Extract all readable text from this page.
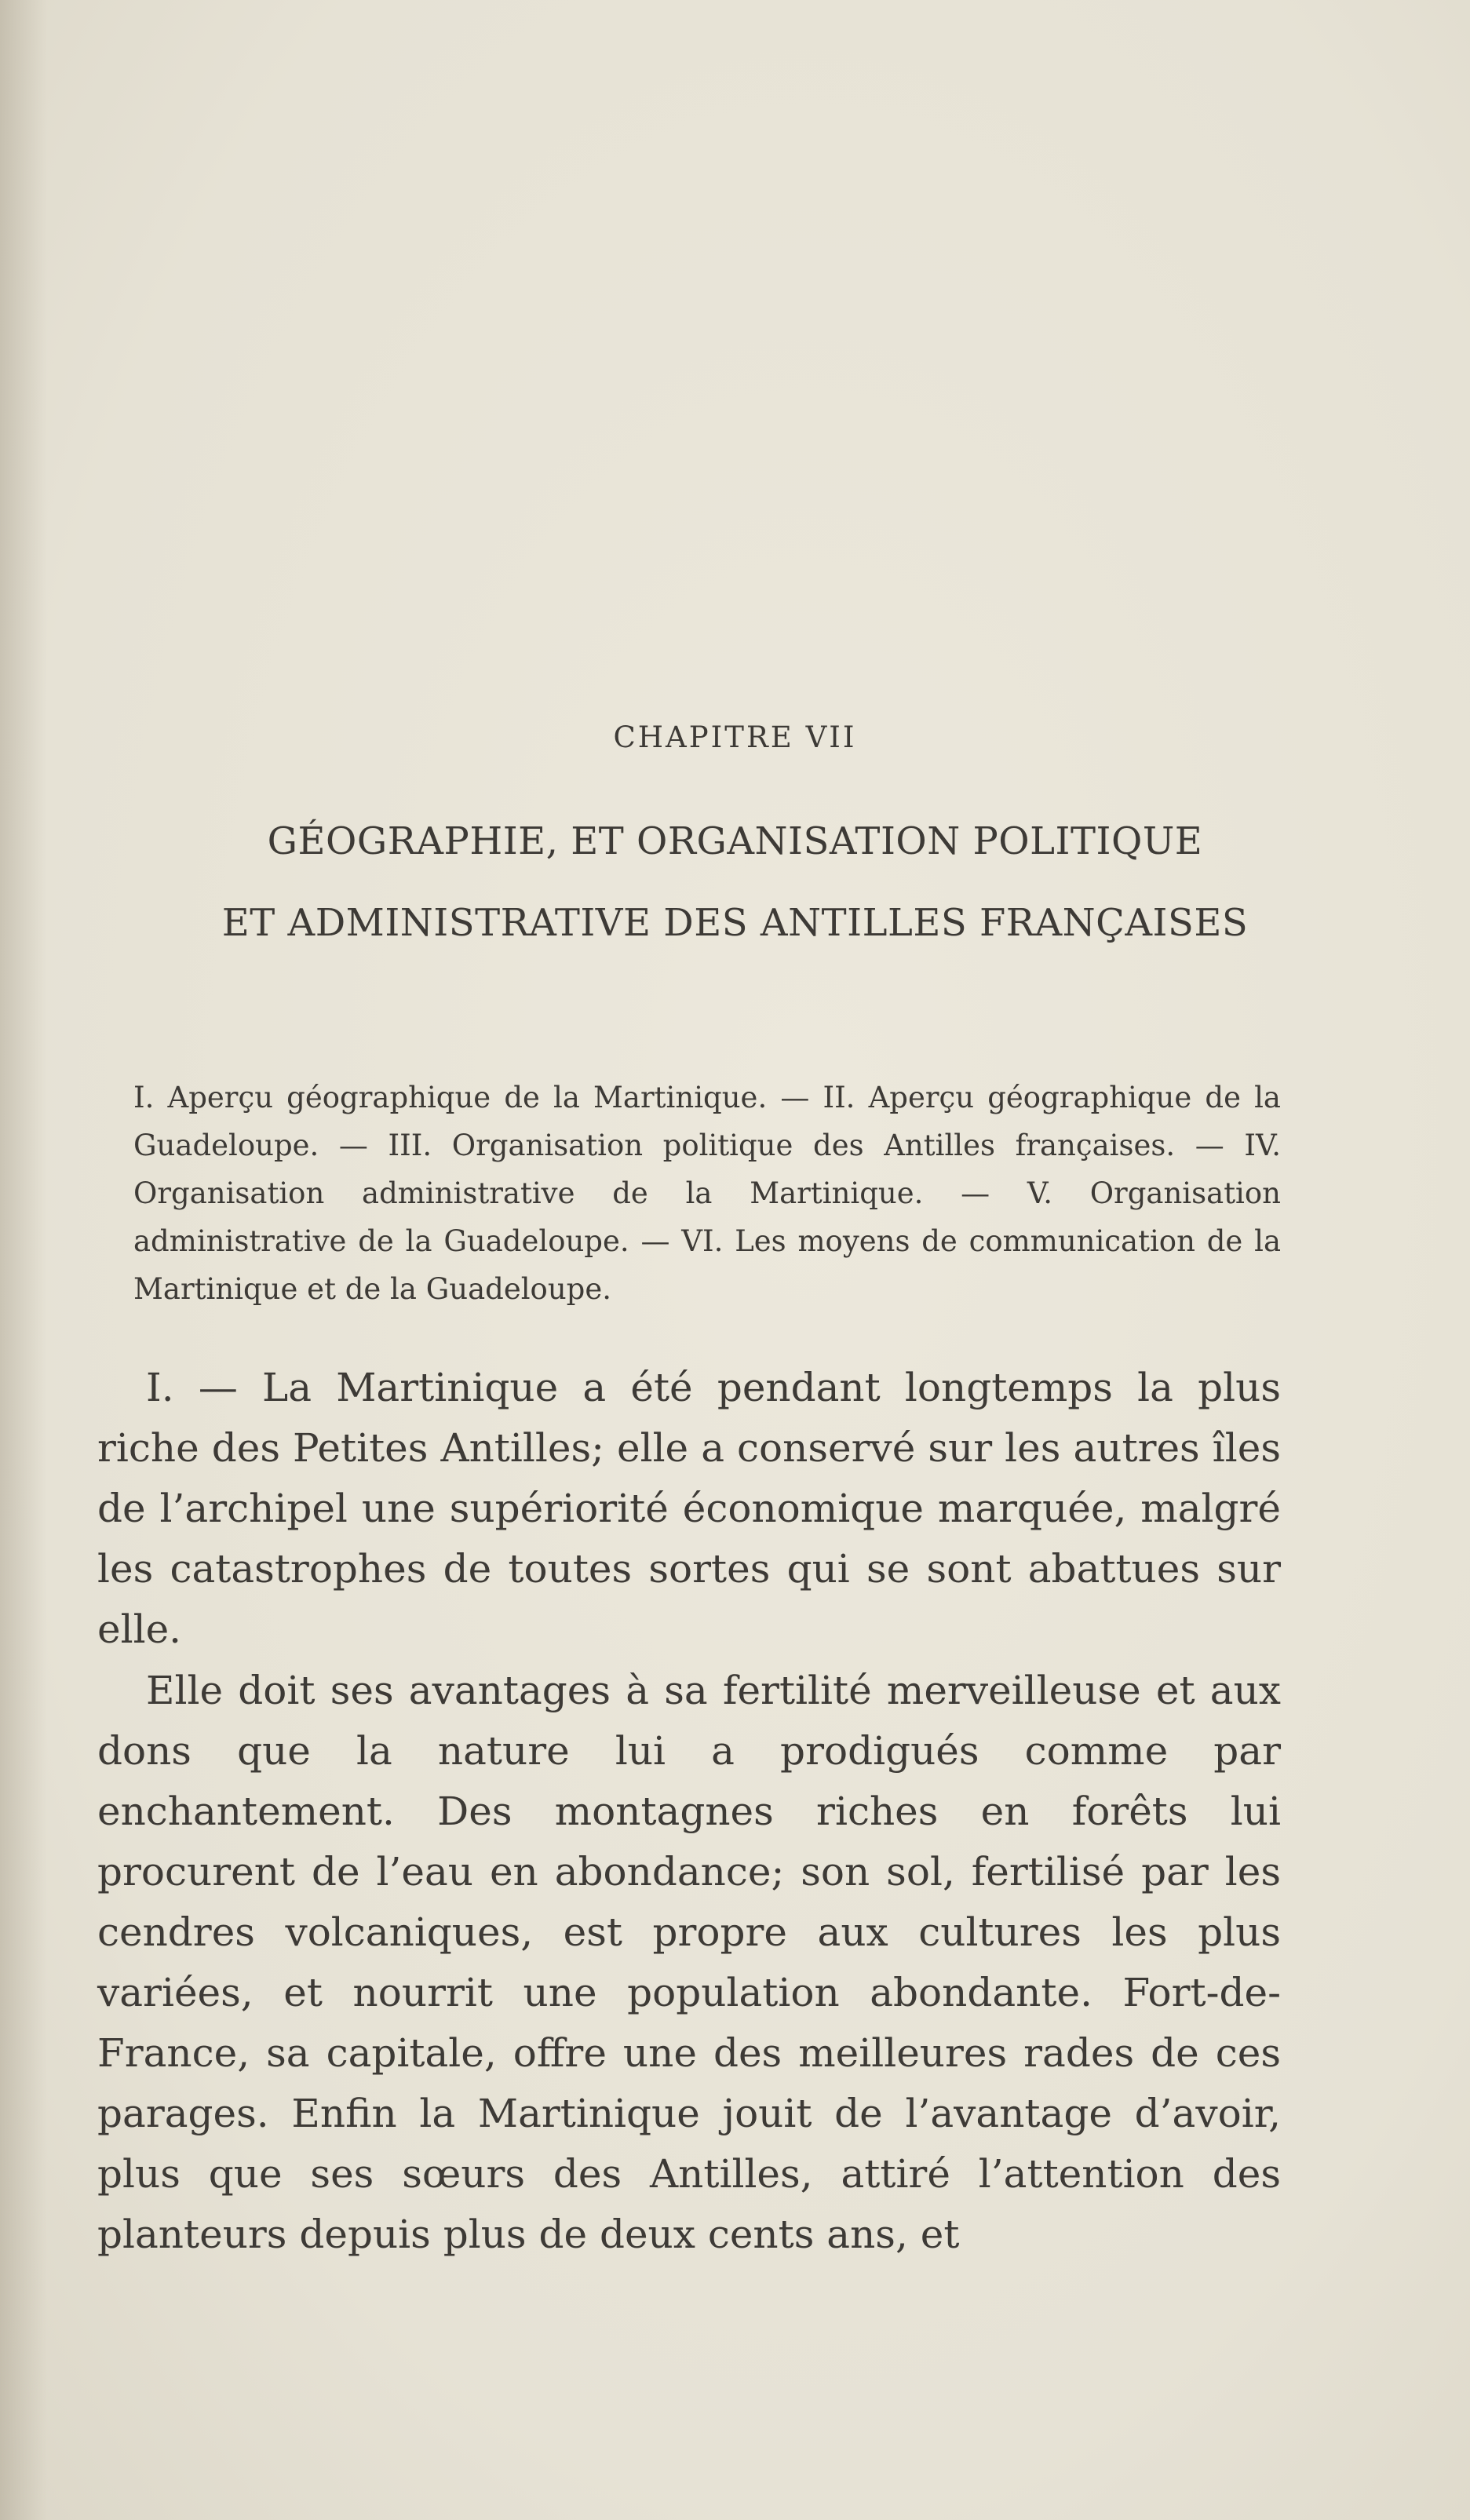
CHAPITRE VII
GÉOGRAPHIE, ET ORGANISATION POLITIQUE
ET ADMINISTRATIVE DES ANTILLES FRANÇAISES

I. Aperçu géographique de la Martinique. — II. Aperçu géographique de la Guadeloupe. — III. Organisation politique des Antilles françaises. — IV. Organisation administrative de la Martinique. — V. Organisation administrative de la Guadeloupe. — VI. Les moyens de communication de la Martinique et de la Guadeloupe.

I. — La Martinique a été pendant longtemps la plus riche des Petites Antilles; elle a conservé sur les autres îles de l’archipel une supériorité économique marquée, malgré les catastrophes de toutes sortes qui se sont abattues sur elle.

Elle doit ses avantages à sa fertilité merveilleuse et aux dons que la nature lui a prodigués comme par enchantement. Des montagnes riches en forêts lui procurent de l’eau en abondance; son sol, fertilisé par les cendres volcaniques, est propre aux cultures les plus variées, et nourrit une population abondante. Fort-de-France, sa capitale, offre une des meilleures rades de ces parages. Enfin la Martinique jouit de l’avantage d’avoir, plus que ses sœurs des Antilles, attiré l’attention des planteurs depuis plus de deux cents ans, et
